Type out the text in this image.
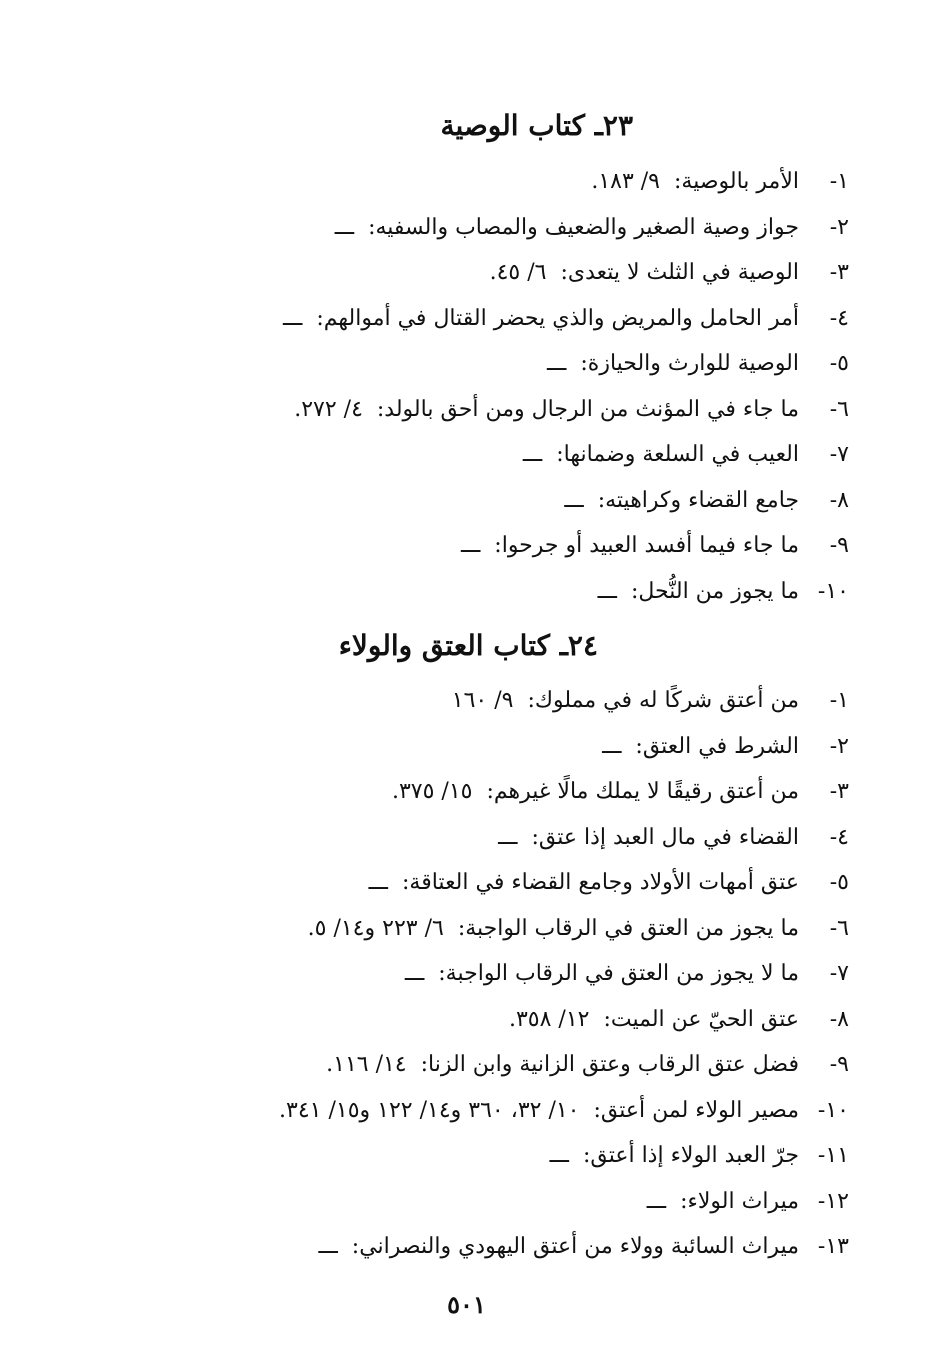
٢٣ـ كتاب الوصية
١-
الأمر بالوصية:
٩/ ١٨٣.
٢-
جواز وصية الصغير والضعيف والمصاب والسفيه:
ـــ
٣-
الوصية في الثلث لا يتعدى:
٦/ ٤٥.
٤-
أمر الحامل والمريض والذي يحضر القتال في أموالهم:
ـــ
٥-
الوصية للوارث والحيازة:
ـــ
٦-
ما جاء في المؤنث من الرجال ومن أحق بالولد:
٤/ ٢٧٢.
٧-
العيب في السلعة وضمانها:
ـــ
٨-
جامع القضاء وكراهيته:
ـــ
٩-
ما جاء فيما أفسد العبيد أو جرحوا:
ـــ
١٠-
ما يجوز من النُّحل:
ـــ
٢٤ـ كتاب العتق والولاء
١-
من أعتق شركًا له في مملوك:
٩/ ١٦٠
٢-
الشرط في العتق:
ـــ
٣-
من أعتق رقيقًا لا يملك مالًا غيرهم:
١٥/ ٣٧٥.
٤-
القضاء في مال العبد إذا عتق:
ـــ
٥-
عتق أمهات الأولاد وجامع القضاء في العتاقة:
ـــ
٦-
ما يجوز من العتق في الرقاب الواجبة:
٦/ ٢٢٣ و١٤/ ٥.
٧-
ما لا يجوز من العتق في الرقاب الواجبة:
ـــ
٨-
عتق الحيّ عن الميت:
١٢/ ٣٥٨.
٩-
فضل عتق الرقاب وعتق الزانية وابن الزنا:
١٤/ ١١٦.
١٠-
مصير الولاء لمن أعتق:
١٠/ ٣٢، ٣٦٠ و١٤/ ١٢٢ و١٥/ ٣٤١.
١١-
جرّ العبد الولاء إذا أعتق:
ـــ
١٢-
ميراث الولاء:
ـــ
١٣-
ميراث السائبة وولاء من أعتق اليهودي والنصراني:
ـــ
٥٠١
